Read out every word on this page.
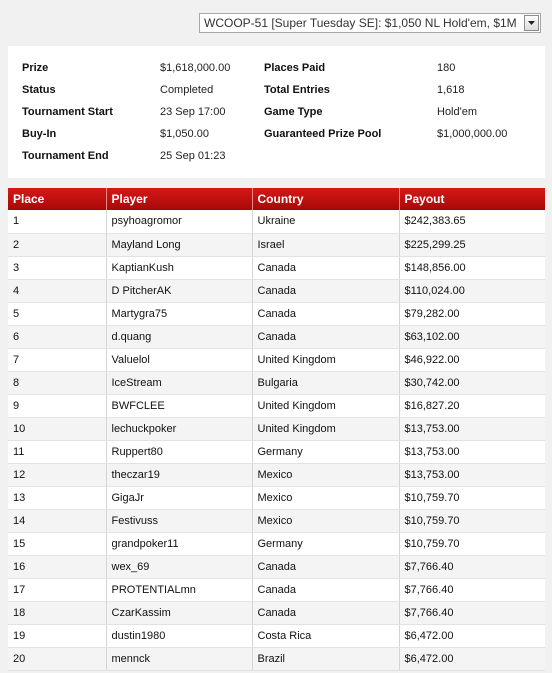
WCOOP-51 [Super Tuesday SE]: $1,050 NL Hold'em, $1M
Prize	$1,618,000.00	Places Paid	180
Status	Completed	Total Entries	1,618
Tournament Start	23 Sep 17:00	Game Type	Hold'em
Buy-In	$1,050.00	Guaranteed Prize Pool	$1,000,000.00
Tournament End	25 Sep 01:23
Place	Player	Country	Payout
1	psyhoagromor	Ukraine	$242,383.65
2	Mayland Long	Israel	$225,299.25
3	KaptianKush	Canada	$148,856.00
4	D PitcherAK	Canada	$110,024.00
5	Martygra75	Canada	$79,282.00
6	d.quang	Canada	$63,102.00
7	Valuelol	United Kingdom	$46,922.00
8	IceStream	Bulgaria	$30,742.00
9	BWFCLEE	United Kingdom	$16,827.20
10	lechuckpoker	United Kingdom	$13,753.00
11	Ruppert80	Germany	$13,753.00
12	theczar19	Mexico	$13,753.00
13	GigaJr	Mexico	$10,759.70
14	Festivuss	Mexico	$10,759.70
15	grandpoker11	Germany	$10,759.70
16	wex_69	Canada	$7,766.40
17	PROTENTIALmn	Canada	$7,766.40
18	CzarKassim	Canada	$7,766.40
19	dustin1980	Costa Rica	$6,472.00
20	mennck	Brazil	$6,472.00
